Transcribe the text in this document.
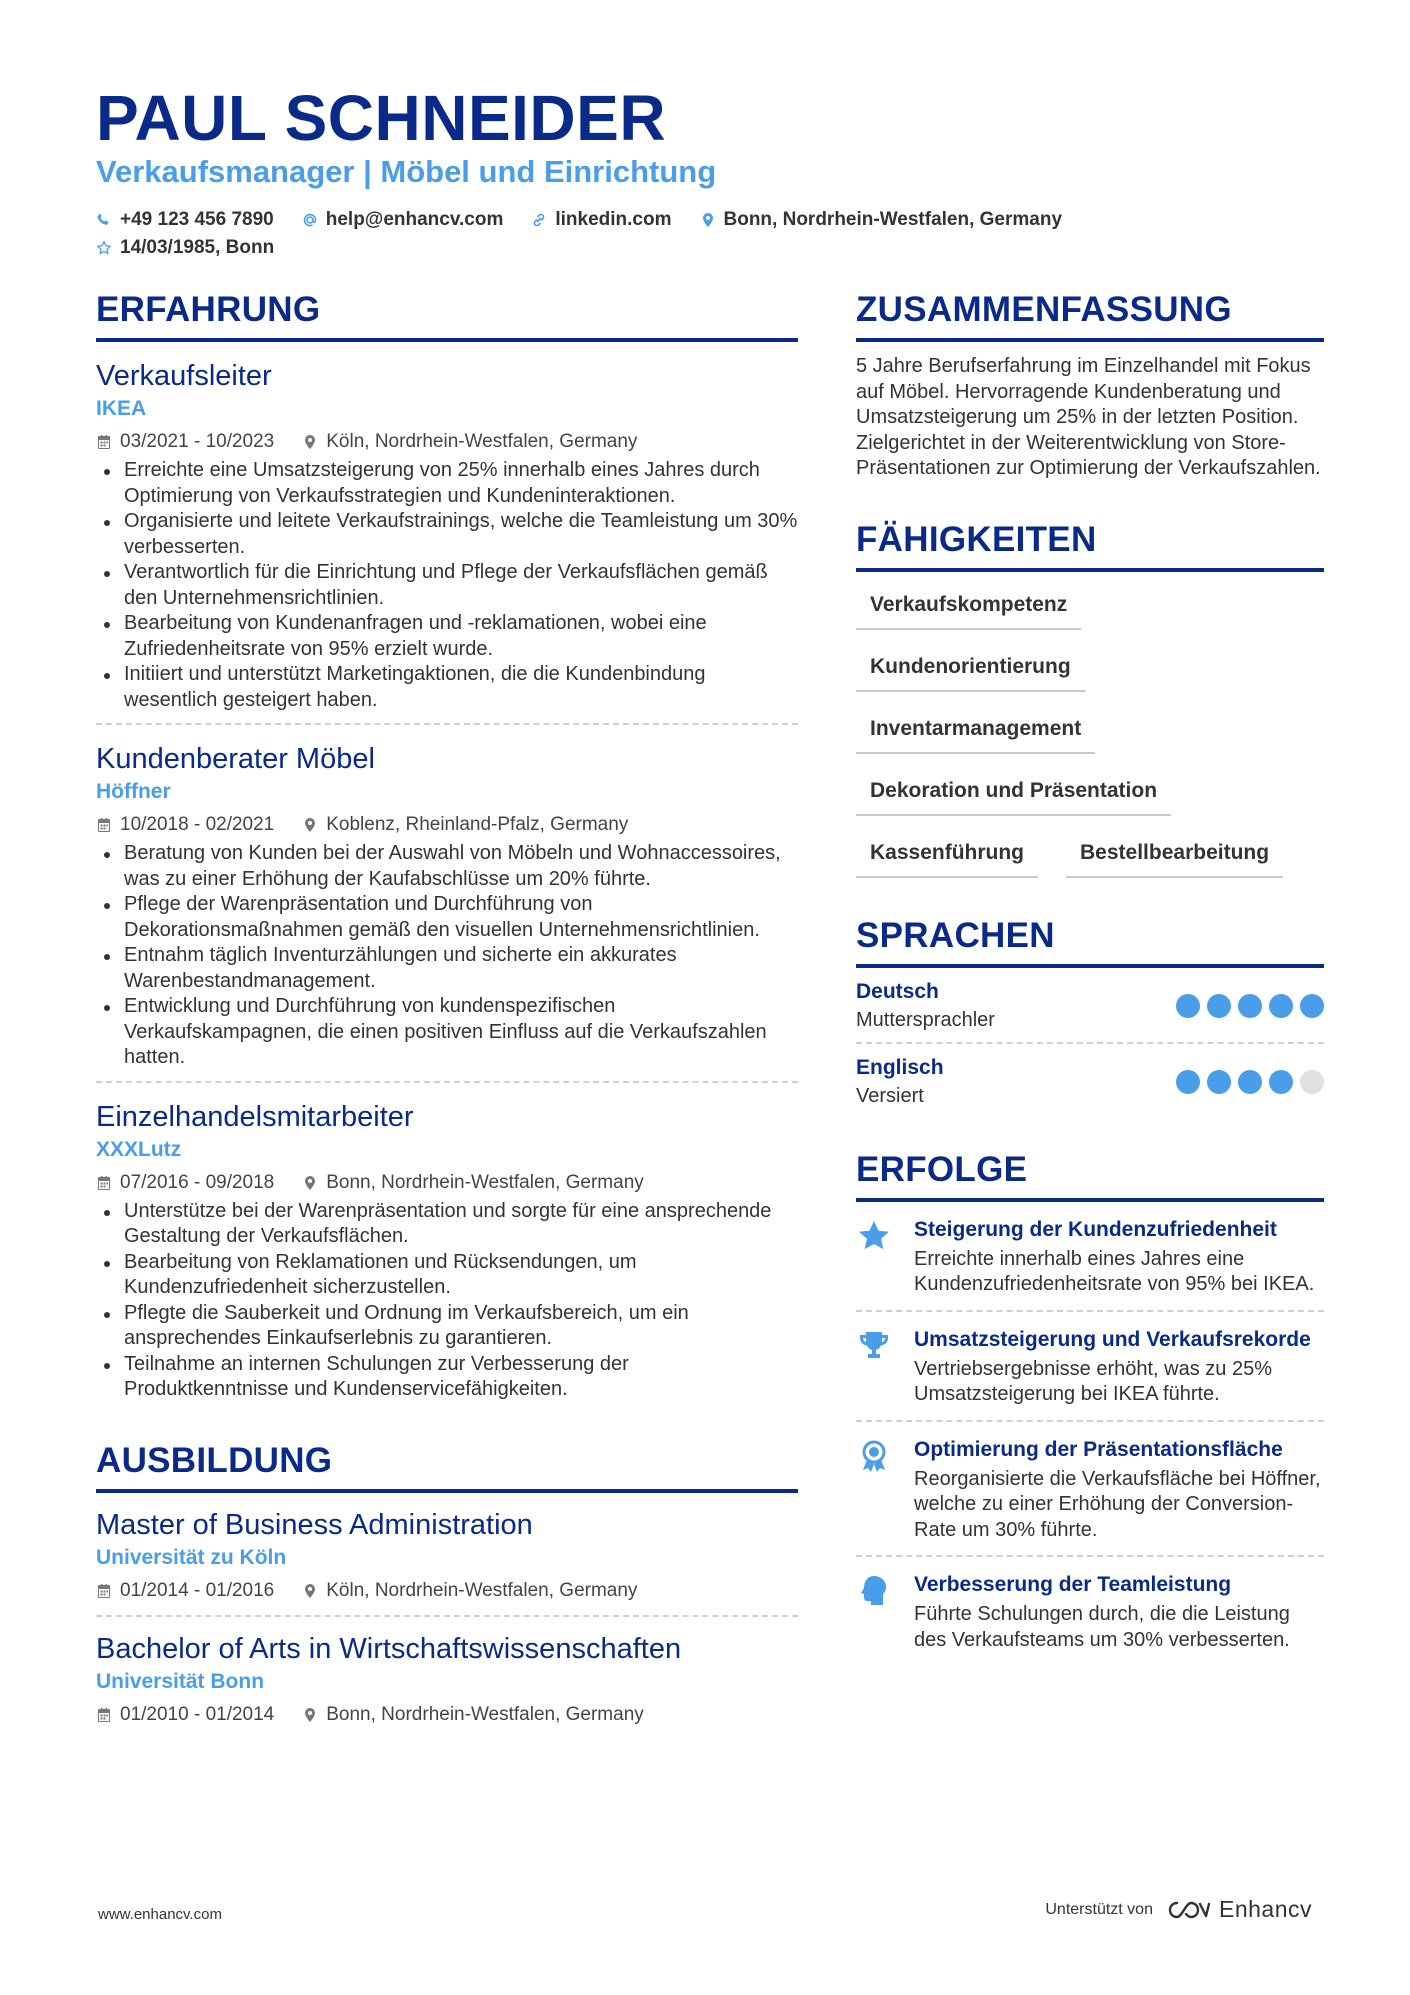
PAUL SCHNEIDER
Verkaufsmanager | Möbel und Einrichtung
+49 123 456 7890	help@enhancv.com	linkedin.com	Bonn, Nordrhein-Westfalen, Germany
14/03/1985, Bonn
ERFAHRUNG
Verkaufsleiter
IKEA
03/2021 - 10/2023	Köln, Nordrhein-Westfalen, Germany
Erreichte eine Umsatzsteigerung von 25% innerhalb eines Jahres durch Optimierung von Verkaufsstrategien und Kundeninteraktionen.
Organisierte und leitete Verkaufstrainings, welche die Teamleistung um 30% verbesserten.
Verantwortlich für die Einrichtung und Pflege der Verkaufsflächen gemäß den Unternehmensrichtlinien.
Bearbeitung von Kundenanfragen und -reklamationen, wobei eine Zufriedenheitsrate von 95% erzielt wurde.
Initiiert und unterstützt Marketingaktionen, die die Kundenbindung wesentlich gesteigert haben.
Kundenberater Möbel
Höffner
10/2018 - 02/2021	Koblenz, Rheinland-Pfalz, Germany
Beratung von Kunden bei der Auswahl von Möbeln und Wohnaccessoires, was zu einer Erhöhung der Kaufabschlüsse um 20% führte.
Pflege der Warenpräsentation und Durchführung von Dekorationsmaßnahmen gemäß den visuellen Unternehmensrichtlinien.
Entnahm täglich Inventurzählungen und sicherte ein akkurates Warenbestandmanagement.
Entwicklung und Durchführung von kundenspezifischen Verkaufskampagnen, die einen positiven Einfluss auf die Verkaufszahlen hatten.
Einzelhandelsmitarbeiter
XXXLutz
07/2016 - 09/2018	Bonn, Nordrhein-Westfalen, Germany
Unterstütze bei der Warenpräsentation und sorgte für eine ansprechende Gestaltung der Verkaufsflächen.
Bearbeitung von Reklamationen und Rücksendungen, um Kundenzufriedenheit sicherzustellen.
Pflegte die Sauberkeit und Ordnung im Verkaufsbereich, um ein ansprechendes Einkaufserlebnis zu garantieren.
Teilnahme an internen Schulungen zur Verbesserung der Produktkenntnisse und Kundenservicefähigkeiten.
AUSBILDUNG
Master of Business Administration
Universität zu Köln
01/2014 - 01/2016	Köln, Nordrhein-Westfalen, Germany
Bachelor of Arts in Wirtschaftswissenschaften
Universität Bonn
01/2010 - 01/2014	Bonn, Nordrhein-Westfalen, Germany
ZUSAMMENFASSUNG
5 Jahre Berufserfahrung im Einzelhandel mit Fokus auf Möbel. Hervorragende Kundenberatung und Umsatzsteigerung um 25% in der letzten Position. Zielgerichtet in der Weiterentwicklung von Store-Präsentationen zur Optimierung der Verkaufszahlen.
FÄHIGKEITEN
Verkaufskompetenz
Kundenorientierung
Inventarmanagement
Dekoration und Präsentation
Kassenführung	Bestellbearbeitung
SPRACHEN
Deutsch
Muttersprachler
Englisch
Versiert
ERFOLGE
Steigerung der Kundenzufriedenheit
Erreichte innerhalb eines Jahres eine Kundenzufriedenheitsrate von 95% bei IKEA.
Umsatzsteigerung und Verkaufsrekorde
Vertriebsergebnisse erhöht, was zu 25% Umsatzsteigerung bei IKEA führte.
Optimierung der Präsentationsfläche
Reorganisierte die Verkaufsfläche bei Höffner, welche zu einer Erhöhung der Conversion-Rate um 30% führte.
Verbesserung der Teamleistung
Führte Schulungen durch, die die Leistung des Verkaufsteams um 30% verbesserten.
www.enhancv.com	Unterstützt von	Enhancv
